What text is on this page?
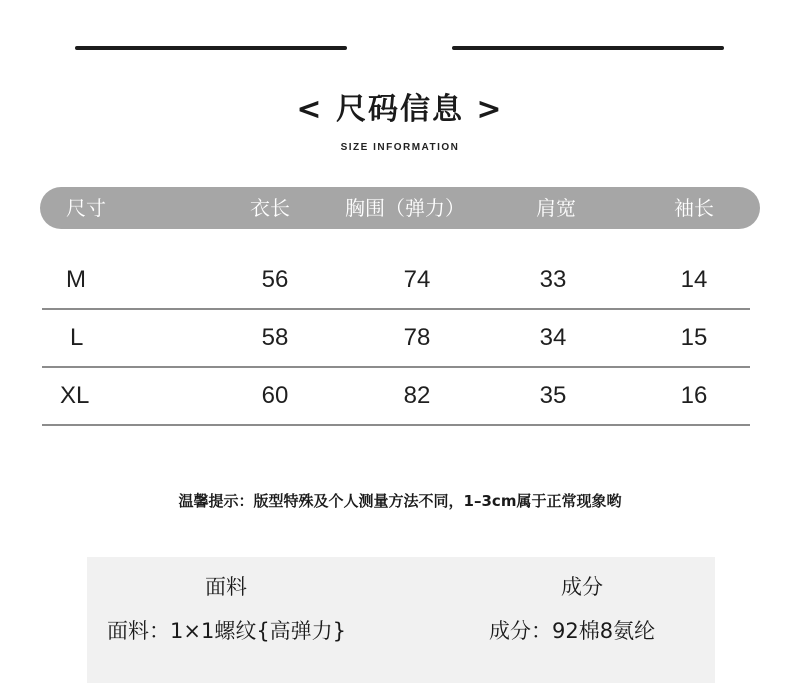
< 尺码信息 >
SIZE INFORMATION
尺寸	衣长	胸围（弹力）	肩宽	袖长
M	56	74	33	14
L	58	78	34	15
XL	60	82	35	16
温馨提示：版型特殊及个人测量方法不同，1–3cm属于正常现象哟
面料
面料：1×1螺纹{高弹力}
成分
成分：92棉8氨纶
